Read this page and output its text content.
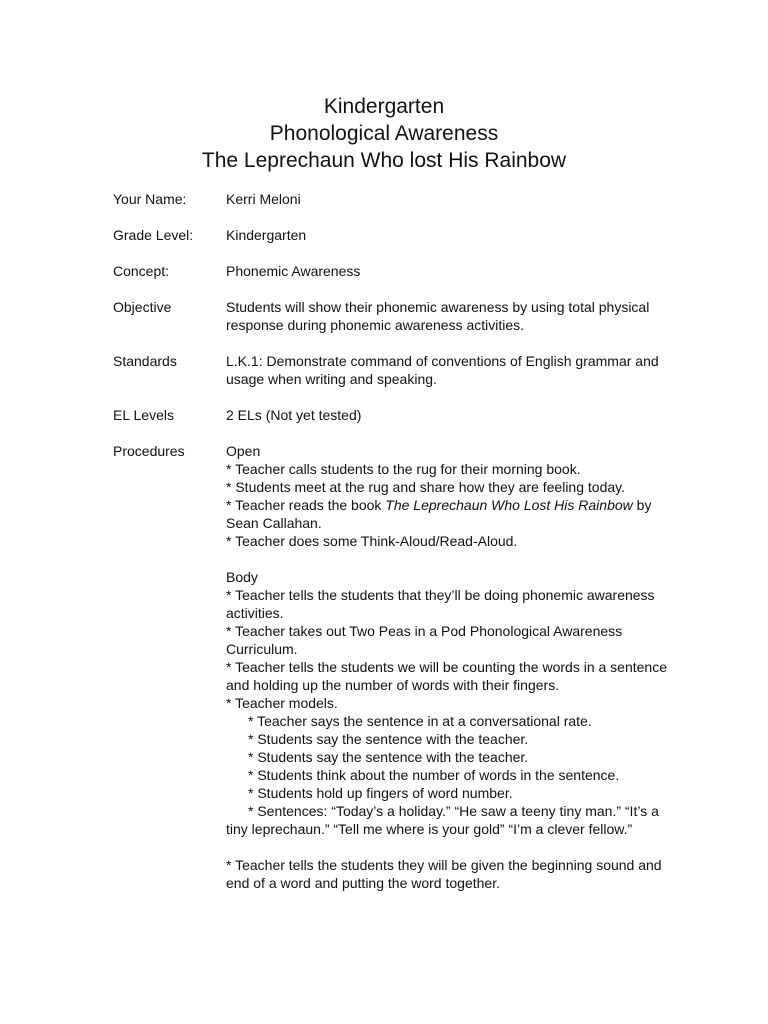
Kindergarten
Phonological Awareness
The Leprechaun Who lost His Rainbow
Your Name:	Kerri Meloni
Grade Level:	Kindergarten
Concept:	Phonemic Awareness
Objective	Students will show their phonemic awareness by using total physical response during phonemic awareness activities.
Standards	L.K.1: Demonstrate command of conventions of English grammar and usage when writing and speaking.
EL Levels	2 ELs (Not yet tested)
Procedures	Open

* Teacher calls students to the rug for their morning book.

* Students meet at the rug and share how they are feeling today.

* Teacher reads the book The Leprechaun Who Lost His Rainbow by Sean Callahan.

* Teacher does some Think-Aloud/Read-Aloud.

Body

* Teacher tells the students that they’ll be doing phonemic awareness activities.

* Teacher takes out Two Peas in a Pod Phonological Awareness Curriculum.

* Teacher tells the students we will be counting the words in a sentence and holding up the number of words with their fingers.

* Teacher models.

* Teacher says the sentence in at a conversational rate.

* Students say the sentence with the teacher.

* Students say the sentence with the teacher.

* Students think about the number of words in the sentence.

* Students hold up fingers of word number.

* Sentences: “Today’s a holiday.” “He saw a teeny tiny man.” “It’s a tiny leprechaun.” “Tell me where is your gold” “I’m a clever fellow.”

* Teacher tells the students they will be given the beginning sound and end of a word and putting the word together.
